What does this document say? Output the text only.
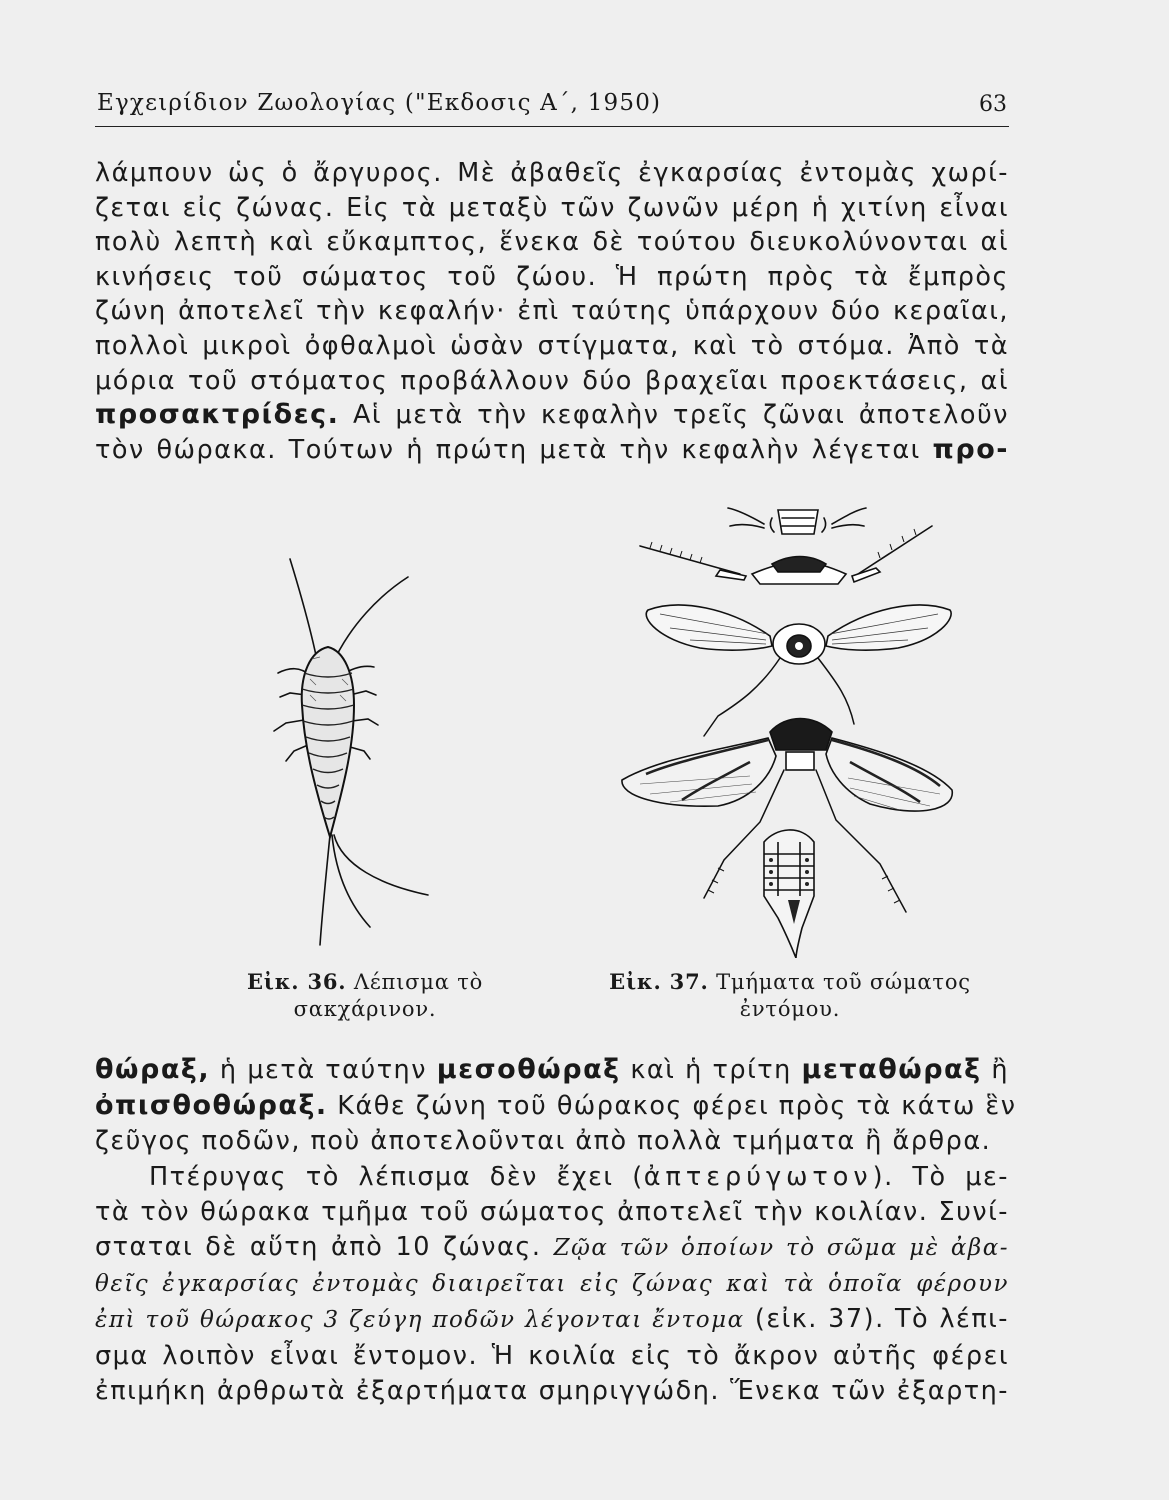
Εγχειρίδιον Ζωολογίας ("Εκδοσις Α΄, 1950)	63
λάμπουν ὡς ὁ ἄργυρος. Μὲ ἀβαθεῖς ἐγκαρσίας ἐντομὰς χωρί-
ζεται εἰς ζώνας. Εἰς τὰ μεταξὺ τῶν ζωνῶν μέρη ἡ χιτίνη εἶναι
πολὺ λεπτὴ καὶ εὔκαμπτος, ἕνεκα δὲ τούτου διευκολύνονται αἱ
κινήσεις τοῦ σώματος τοῦ ζώου. Ἡ πρώτη πρὸς τὰ ἔμπρὸς
ζώνη ἀποτελεῖ τὴν κεφαλήν· ἐπὶ ταύτης ὑπάρχουν δύο κεραῖαι,
πολλοὶ μικροὶ ὀφθαλμοὶ ὡσὰν στίγματα, καὶ τὸ στόμα. Ἀπὸ τὰ
μόρια τοῦ στόματος προβάλλουν δύο βραχεῖαι προεκτάσεις, αἱ
προσακτρίδες. Αἱ μετὰ τὴν κεφαλὴν τρεῖς ζῶναι ἀποτελοῦν
τὸν θώρακα. Τούτων ἡ πρώτη μετὰ τὴν κεφαλὴν λέγεται προ-
Εἰκ. 36. Λέπισμα τὸ
σακχάρινον.
Εἰκ. 37. Τμήματα τοῦ σώματος
ἐντόμου.
θώραξ, ἡ μετὰ ταύτην μεσοθώραξ καὶ ἡ τρίτη μεταθώραξ ἢ
ὀπισθοθώραξ. Κάθε ζώνη τοῦ θώρακος φέρει πρὸς τὰ κάτω ἓν
ζεῦγος ποδῶν, ποὺ ἀποτελοῦνται ἀπὸ πολλὰ τμήματα ἢ ἄρθρα.
Πτέρυγας τὸ λέπισμα δὲν ἔχει (ἀπτερύγωτον). Τὸ με-
τὰ τὸν θώρακα τμῆμα τοῦ σώματος ἀποτελεῖ τὴν κοιλίαν. Συνί-
σταται δὲ αὕτη ἀπὸ 10 ζώνας. Ζῷα τῶν ὁποίων τὸ σῶμα μὲ ἀβα-
θεῖς ἐγκαρσίας ἐντομὰς διαιρεῖται εἰς ζώνας καὶ τὰ ὁποῖα φέρουν
ἐπὶ τοῦ θώρακος 3 ζεύγη ποδῶν λέγονται ἔντομα (εἰκ. 37). Τὸ λέπι-
σμα λοιπὸν εἶναι ἔντομον. Ἡ κοιλία εἰς τὸ ἄκρον αὐτῆς φέρει
ἐπιμήκη ἀρθρωτὰ ἐξαρτήματα σμηριγγώδη. Ἕνεκα τῶν ἐξαρτη-
